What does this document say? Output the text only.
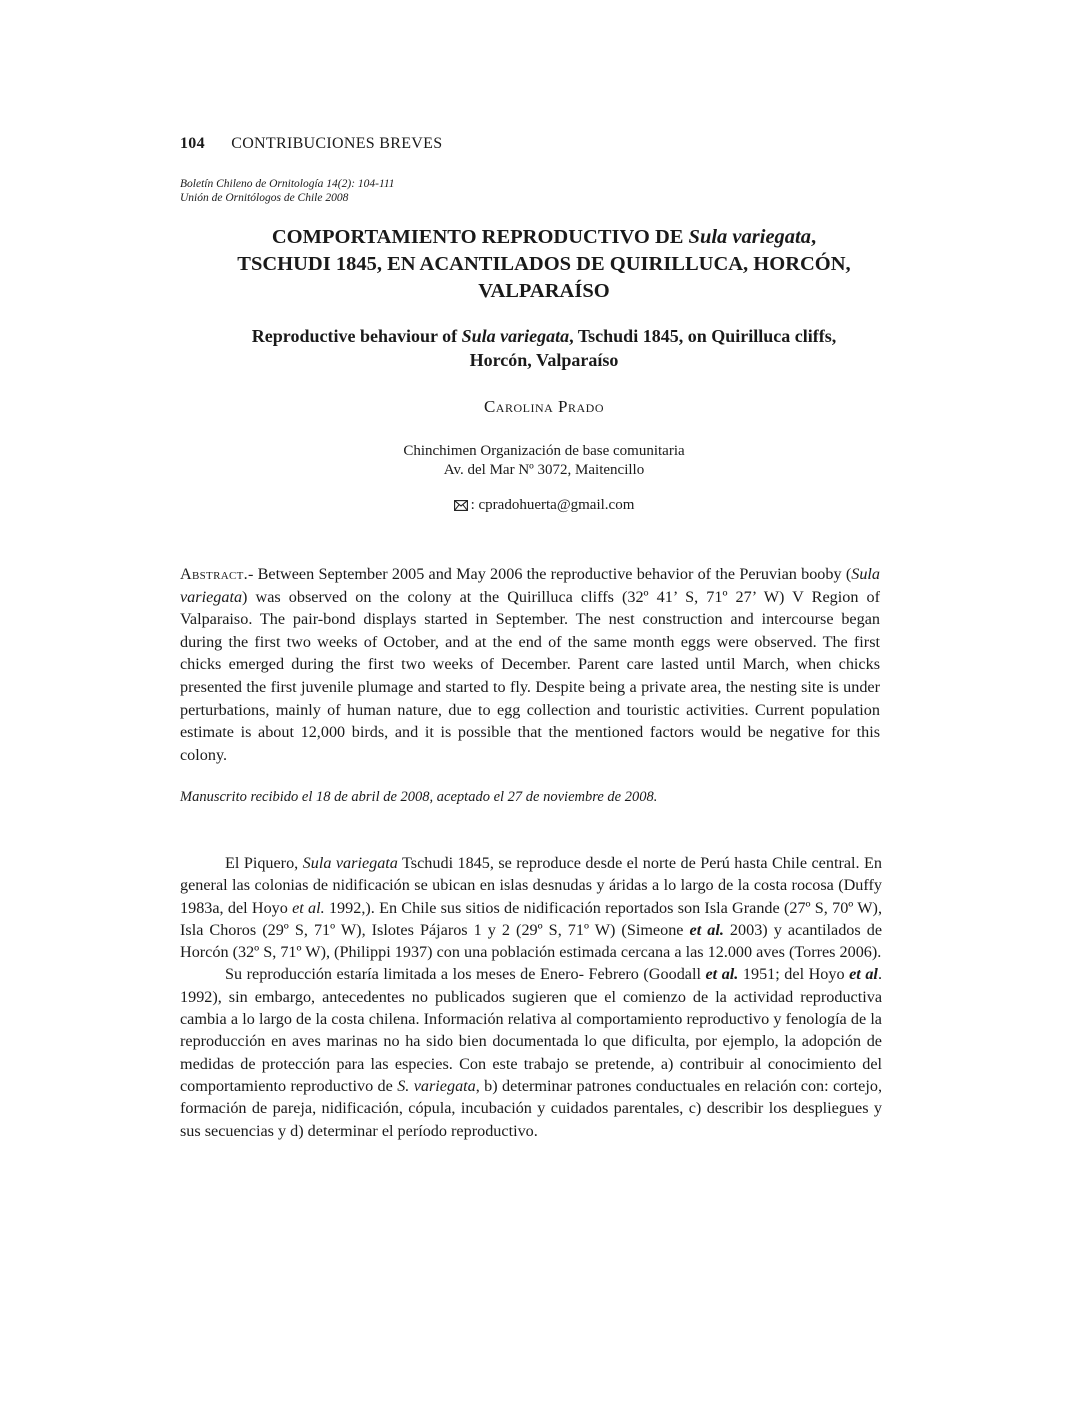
104 CONTRIBUCIONES BREVES
Boletín Chileno de Ornitología 14(2): 104-111
Unión de Ornitólogos de Chile 2008
COMPORTAMIENTO REPRODUCTIVO DE Sula variegata,
TSCHUDI 1845, EN ACANTILADOS DE QUIRILLUCA, HORCÓN,
VALPARAÍSO
Reproductive behaviour of Sula variegata, Tschudi 1845, on Quirilluca cliffs,
Horcón, Valparaíso
Carolina Prado
Chinchimen Organización de base comunitaria
Av. del Mar Nº 3072, Maitencillo
: cpradohuerta@gmail.com
Abstract.- Between September 2005 and May 2006 the reproductive behavior of the Peruvian booby (Sula variegata) was observed on the colony at the Quirilluca cliffs (32º 41’ S, 71º 27’ W) V Region of Valparaiso. The pair-bond displays started in September. The nest construction and intercourse began during the first two weeks of October, and at the end of the same month eggs were observed. The first chicks emerged during the first two weeks of December. Parent care lasted until March, when chicks presented the first juvenile plumage and started to fly. Despite being a private area, the nesting site is under perturbations, mainly of human nature, due to egg collection and touristic activities. Current population estimate is about 12,000 birds, and it is possible that the mentioned factors would be negative for this colony.
Manuscrito recibido el 18 de abril de 2008, aceptado el 27 de noviembre de 2008.

El Piquero, Sula variegata Tschudi 1845, se reproduce desde el norte de Perú hasta Chile central. En general las colonias de nidificación se ubican en islas desnudas y áridas a lo largo de la costa rocosa (Duffy 1983a, del Hoyo et al. 1992,). En Chile sus sitios de nidificación reportados son Isla Grande (27º S, 70º W), Isla Choros (29º S, 71º W), Islotes Pájaros 1 y 2 (29º S, 71º W) (Simeone et al. 2003) y acantilados de Horcón (32º S, 71º W), (Philippi 1937) con una población estimada cercana a las 12.000 aves (Torres 2006).

Su reproducción estaría limitada a los meses de Enero- Febrero (Goodall et al. 1951; del Hoyo et al. 1992), sin embargo, antecedentes no publicados sugieren que el comienzo de la actividad reproductiva cambia a lo largo de la costa chilena. Información relativa al comportamiento reproductivo y fenología de la reproducción en aves marinas no ha sido bien documentada lo que dificulta, por ejemplo, la adopción de medidas de protección para las especies. Con este trabajo se pretende, a) contribuir al conocimiento del comportamiento reproductivo de S. variegata, b) determinar patrones conductuales en relación con: cortejo, formación de pareja, nidificación, cópula, incubación y cuidados parentales, c) describir los despliegues y sus secuencias y d) determinar el período reproductivo.
